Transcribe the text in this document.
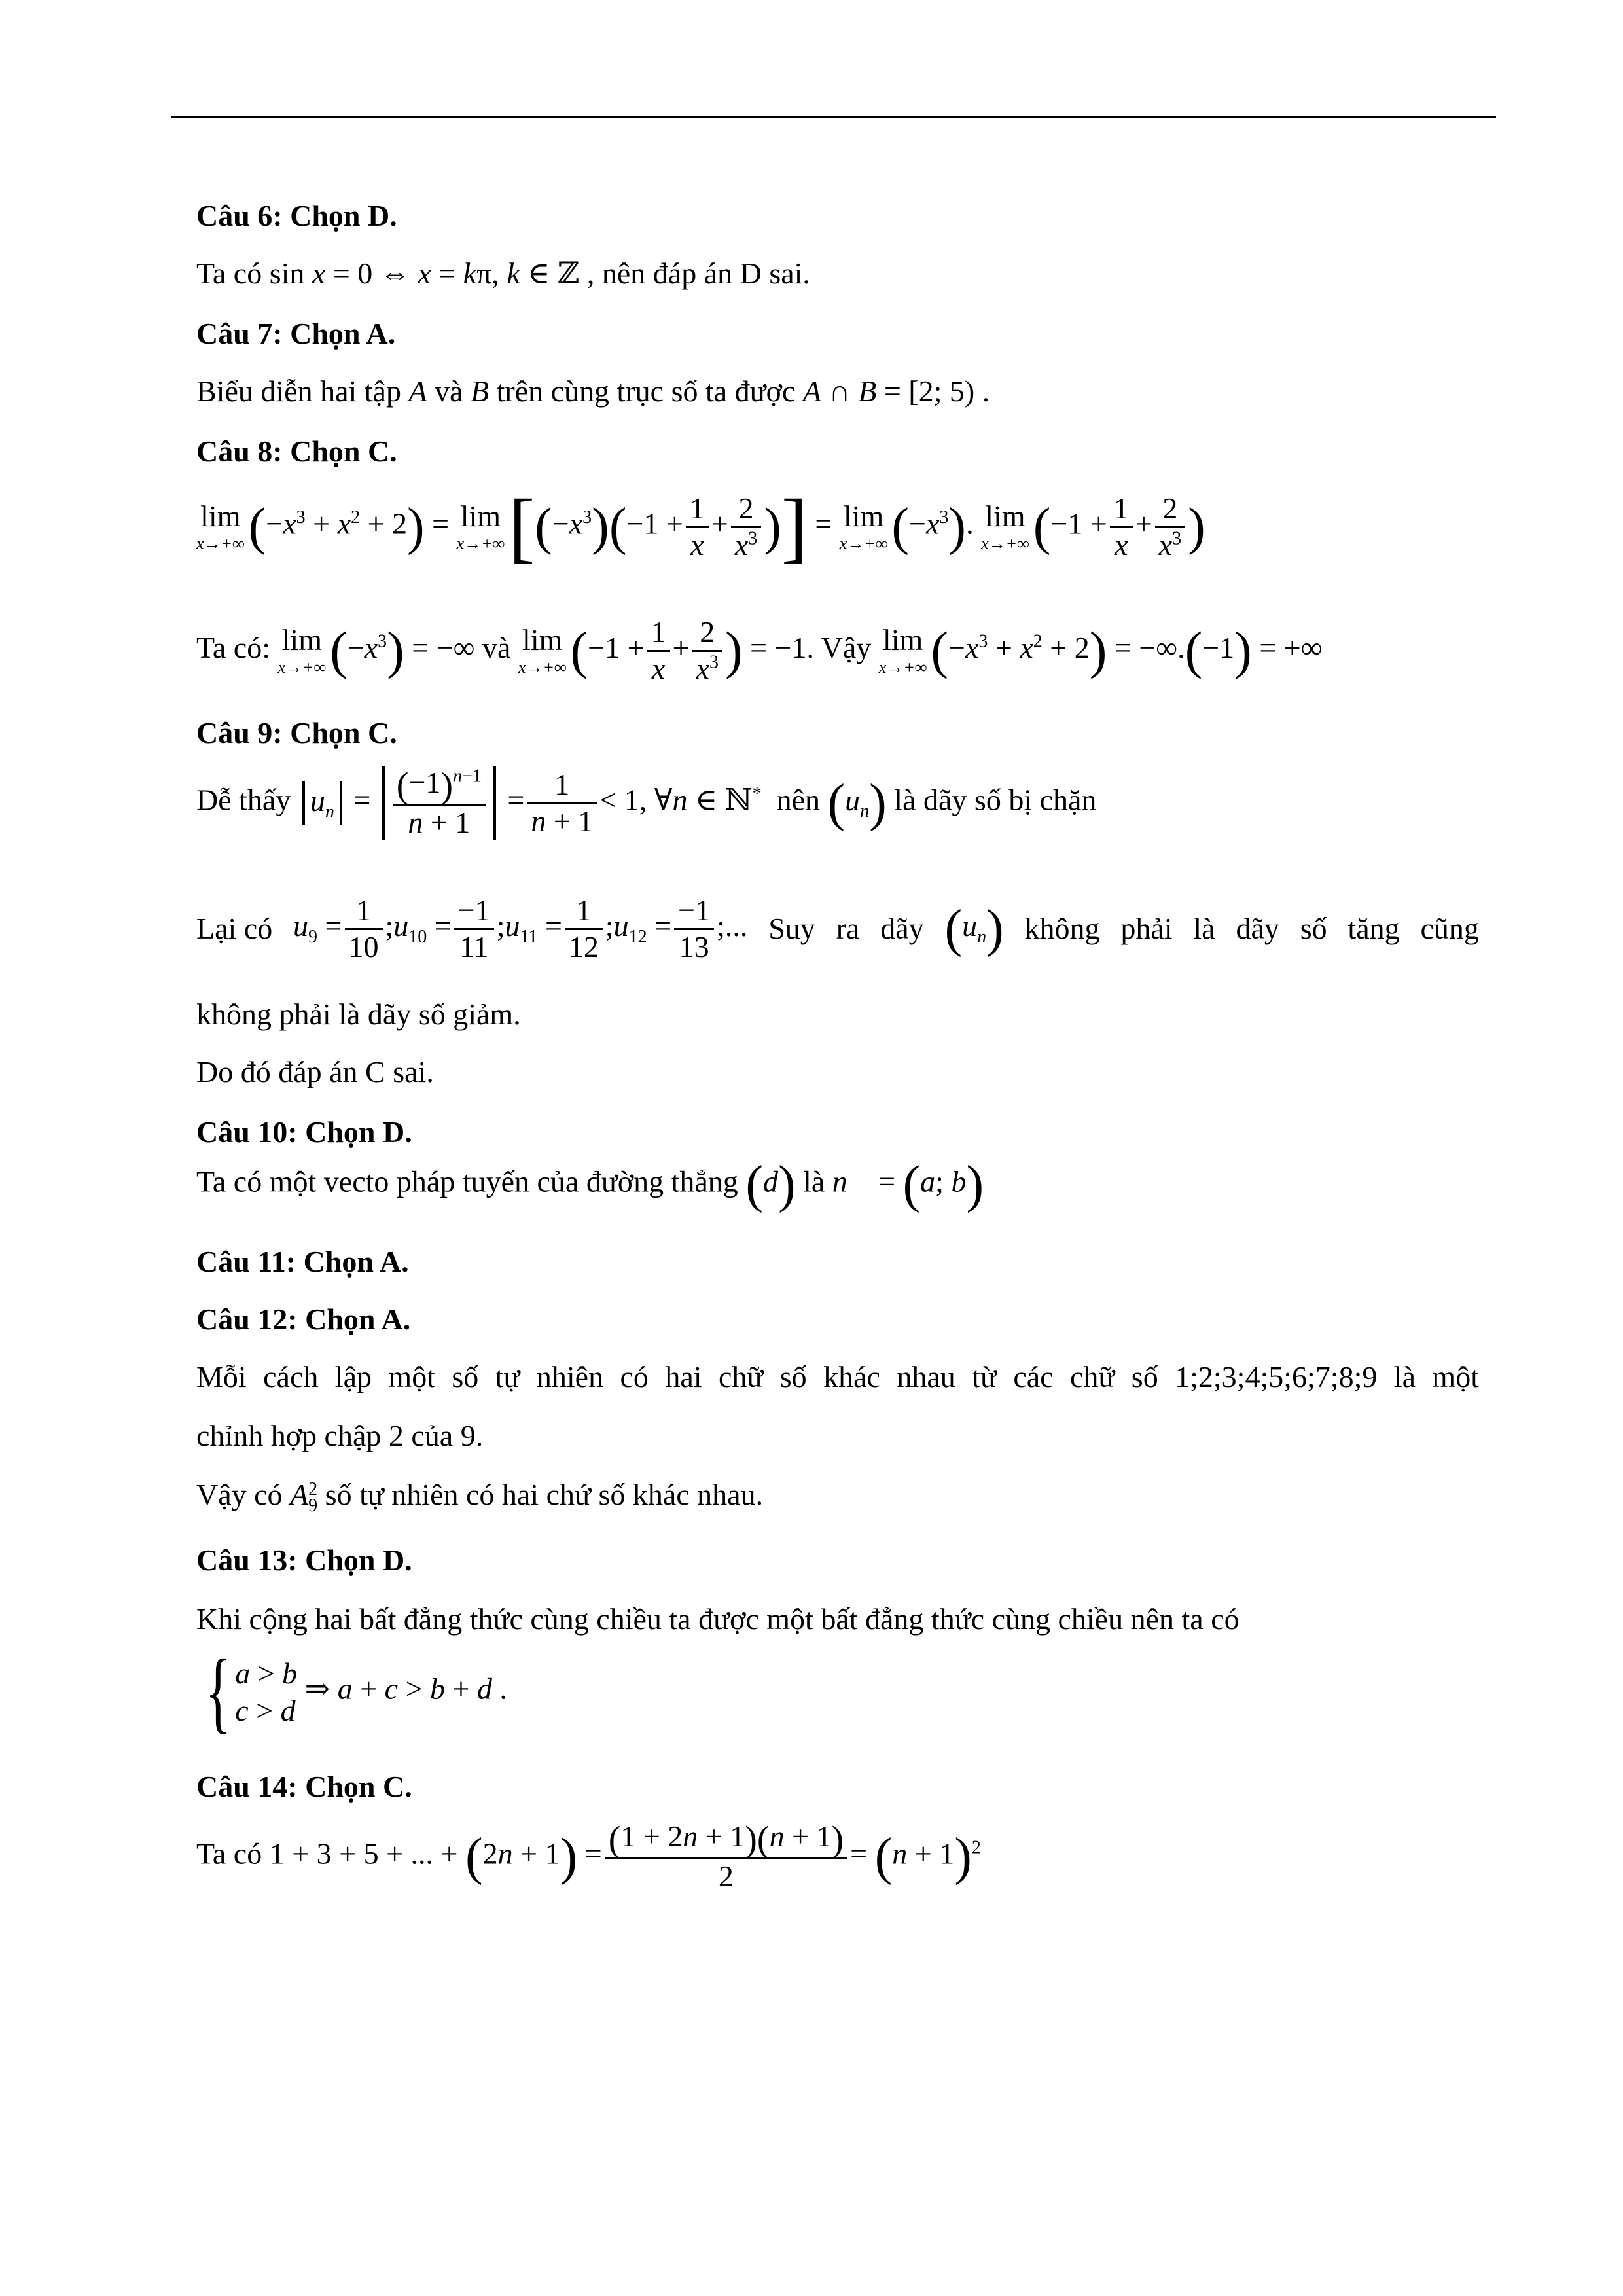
Câu 6: Chọn D.
Ta có sin x = 0 ⇔ x = kπ, k ∈ ℤ , nên đáp án D sai.
Câu 7: Chọn A.
Biểu diễn hai tập A và B trên cùng trục số ta được A ∩ B = [2; 5) .
Câu 8: Chọn C.
lim
x→+∞ $(-x^3 + x^2 + 2) = \lim$
x→+∞ [$(-x^3)(-1 + \frac{1}{x} + \frac{2}{x^3}$ )] = lim
x→+∞ $(-x^3)$. lim
x→+∞ ($-1 + \frac{1}{x} + \frac{2}{x^3}$ )
Ta có: lim
x→+∞ $(-x^3)$ = −∞ và lim
x→+∞ ($-1 + \frac{1}{x} + \frac{2}{x^3}$ ) = −1. Vậy lim
x→+∞ $(-x^3 + x^2 + 2) = -\infty.(-1)$ = +∞
Câu 9: Chọn C.
Dễ thấy $u_n = \frac{(-1)^{n-1}}{n + 1} = \frac{1}{n + 1} < 1$, ∀n ∈ ℕ*  nên $(u_n)$ là dãy số bị chặn
Lại có $u_9 = \frac{1}{10}$ $;u_{10} = \frac{-1}{11}$ $;u_{11} = \frac{1}{12}$ $;u_{12} = \frac{-1}{13}$ ;... Suy ra dãy $(u_n)$ không phải là dãy số tăng cũng
không phải là dãy số giảm.
Do đó đáp án C sai.
Câu 10: Chọn D.
Ta có một vecto pháp tuyến của đường thẳng (d) là n⃗ = (a; b)
Câu 11: Chọn A.
Câu 12: Chọn A.
Mỗi cách lập một số tự nhiên có hai chữ số khác nhau từ các chữ số 1;2;3;4;5;6;7;8;9 là một
chỉnh hợp chập 2 của 9.
Vậy có A 2
9 số tự nhiên có hai chứ số khác nhau.
Câu 13: Chọn D.
Khi cộng hai bất đẳng thức cùng chiều ta được một bất đẳng thức cùng chiều nên ta có
{ a > b
c > d
⇒ a + c > b + d .
Câu 14: Chọn C.
Ta có 1 + 3 + 5 + ... + $(2n + 1) = \frac{(1 + 2n + 1)(n + 1)}{2} = (n + 1)^2$
